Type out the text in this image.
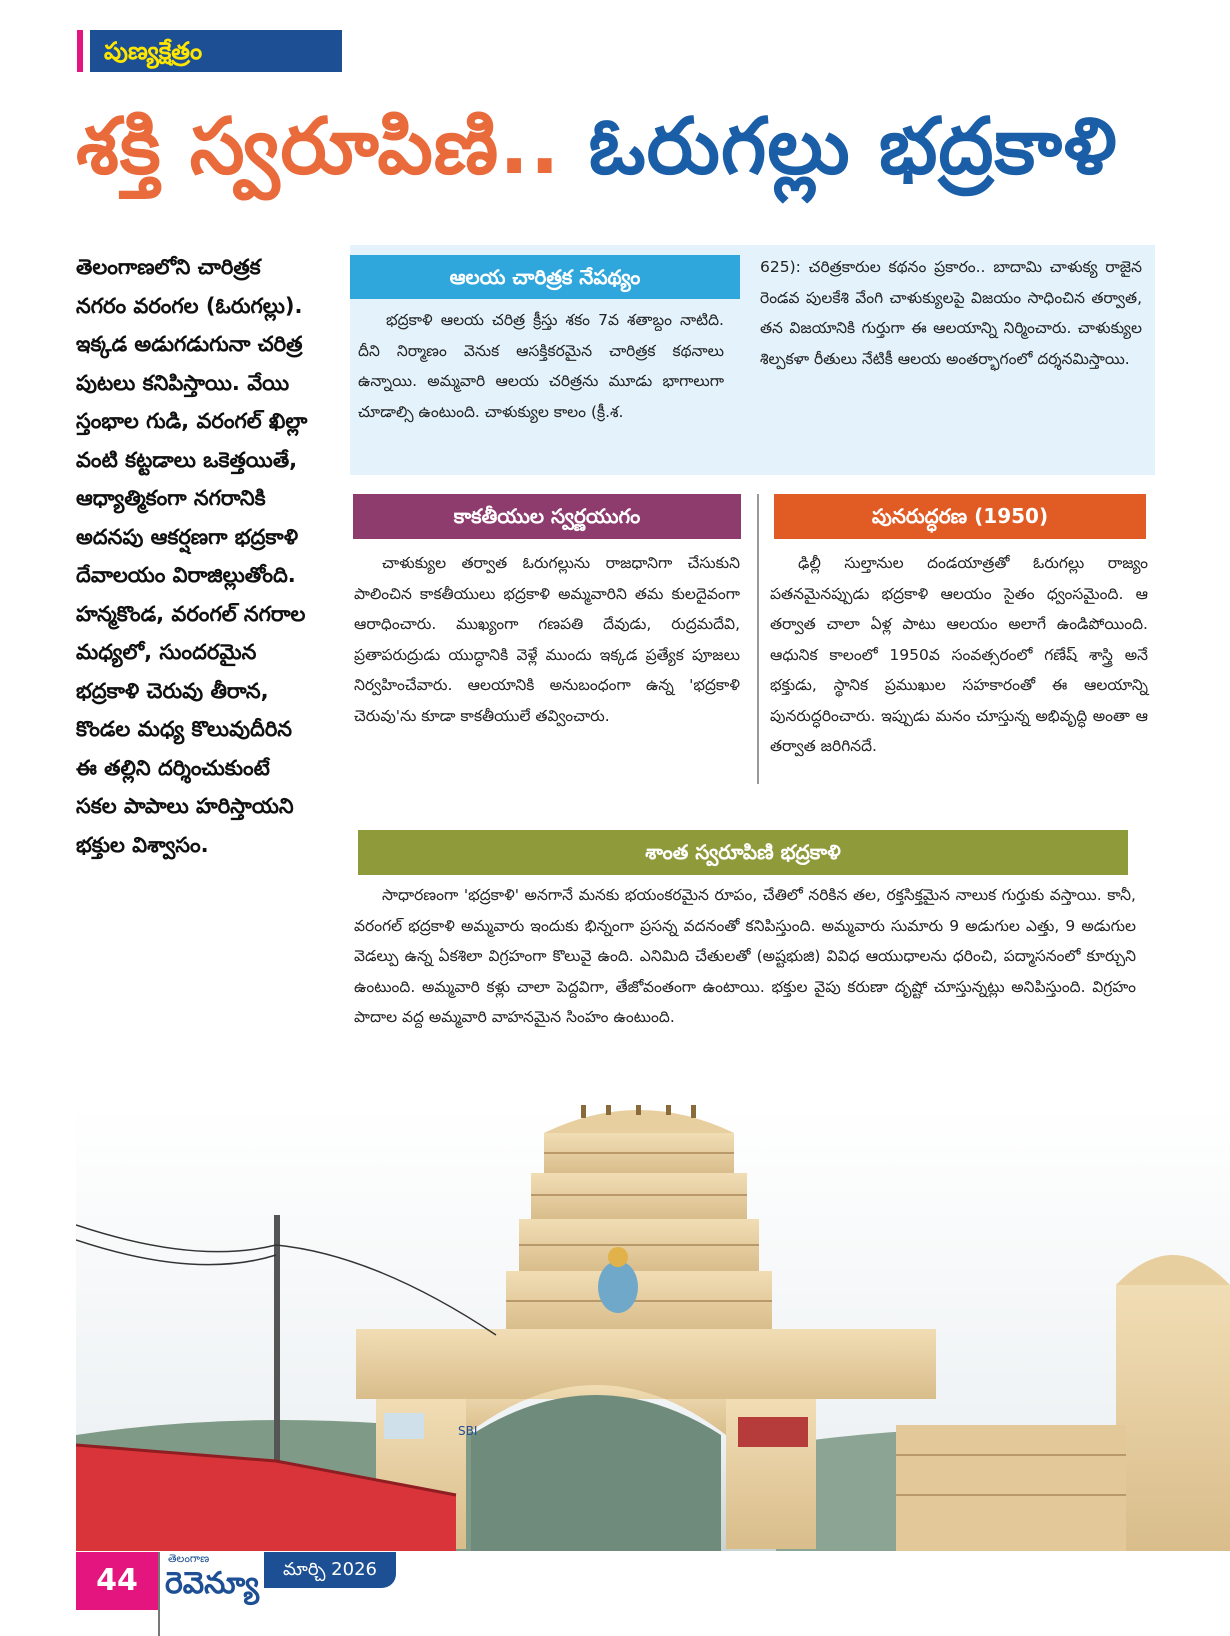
పుణ్యక్షేత్రం
శక్తి స్వరూపిణి.. ఓరుగల్లు భద్రకాళి
తెలంగాణలోని చారిత్రక నగరం వరంగల (ఓరుగల్లు). ఇక్కడ అడుగడుగునా చరిత్ర పుటలు కనిపిస్తాయి. వేయి స్తంభాల గుడి, వరంగల్ ఖిల్లా వంటి కట్టడాలు ఒకెత్తయితే, ఆధ్యాత్మికంగా నగరానికి అదనపు ఆకర్షణగా భద్రకాళి దేవాలయం విరాజిల్లుతోంది. హన్మకొండ, వరంగల్ నగరాల మధ్యలో, సుందరమైన భద్రకాళి చెరువు తీరాన, కొండల మధ్య కొలువుదీరిన ఈ తల్లిని దర్శించుకుంటే సకల పాపాలు హరిస్తాయని భక్తుల విశ్వాసం.
ఆలయ చారిత్రక నేపథ్యం
భద్రకాళి ఆలయ చరిత్ర క్రీస్తు శకం 7వ శతాబ్దం నాటిది. దీని నిర్మాణం వెనుక ఆసక్తికరమైన చారిత్రక కథనాలు ఉన్నాయి. అమ్మవారి ఆలయ చరిత్రను మూడు భాగాలుగా చూడాల్సి ఉంటుంది. చాళుక్యుల కాలం (క్రీ.శ.
625): చరిత్రకారుల కథనం ప్రకారం.. బాదామి చాళుక్య రాజైన రెండవ పులకేశి వేంగి చాళుక్యులపై విజయం సాధించిన తర్వాత, తన విజయానికి గుర్తుగా ఈ ఆలయాన్ని నిర్మించారు. చాళుక్యుల శిల్పకళా రీతులు నేటికీ ఆలయ అంతర్భాగంలో దర్శనమిస్తాయి.
కాకతీయుల స్వర్ణయుగం
చాళుక్యుల తర్వాత ఓరుగల్లును రాజధానిగా చేసుకుని పాలించిన కాకతీయులు భద్రకాళి అమ్మవారిని తమ కులదైవంగా ఆరాధించారు. ముఖ్యంగా గణపతి దేవుడు, రుద్రమదేవి, ప్రతాపరుద్రుడు యుద్ధానికి వెళ్లే ముందు ఇక్కడ ప్రత్యేక పూజలు నిర్వహించేవారు. ఆలయానికి అనుబంధంగా ఉన్న 'భద్రకాళి చెరువు'ను కూడా కాకతీయులే తవ్వించారు.
పునరుద్ధరణ (1950)
ఢిల్లీ సుల్తానుల దండయాత్రతో ఓరుగల్లు రాజ్యం పతనమైనప్పుడు భద్రకాళి ఆలయం సైతం ధ్వంసమైంది. ఆ తర్వాత చాలా ఏళ్ల పాటు ఆలయం అలాగే ఉండిపోయింది. ఆధునిక కాలంలో 1950వ సంవత్సరంలో గణేష్ శాస్త్రి అనే భక్తుడు, స్థానిక ప్రముఖుల సహకారంతో ఈ ఆలయాన్ని పునరుద్ధరించారు. ఇప్పుడు మనం చూస్తున్న అభివృద్ధి అంతా ఆ తర్వాత జరిగినదే.
శాంత స్వరూపిణి భద్రకాళి
సాధారణంగా 'భద్రకాళి' అనగానే మనకు భయంకరమైన రూపం, చేతిలో నరికిన తల, రక్తసిక్తమైన నాలుక గుర్తుకు వస్తాయి. కానీ, వరంగల్ భద్రకాళి అమ్మవారు ఇందుకు భిన్నంగా ప్రసన్న వదనంతో కనిపిస్తుంది. అమ్మవారు సుమారు 9 అడుగుల ఎత్తు, 9 అడుగుల వెడల్పు ఉన్న ఏకశిలా విగ్రహంగా కొలువై ఉంది. ఎనిమిది చేతులతో (అష్టభుజి) వివిధ ఆయుధాలను ధరించి, పద్మాసనంలో కూర్చుని ఉంటుంది. అమ్మవారి కళ్లు చాలా పెద్దవిగా, తేజోవంతంగా ఉంటాయి. భక్తుల వైపు కరుణా దృష్టో చూస్తున్నట్లు అనిపిస్తుంది. విగ్రహం పాదాల వద్ద అమ్మవారి వాహనమైన సింహం ఉంటుంది.
SBI
44
తెలంగాణ
రెవెన్యూ	మార్చి 2026
